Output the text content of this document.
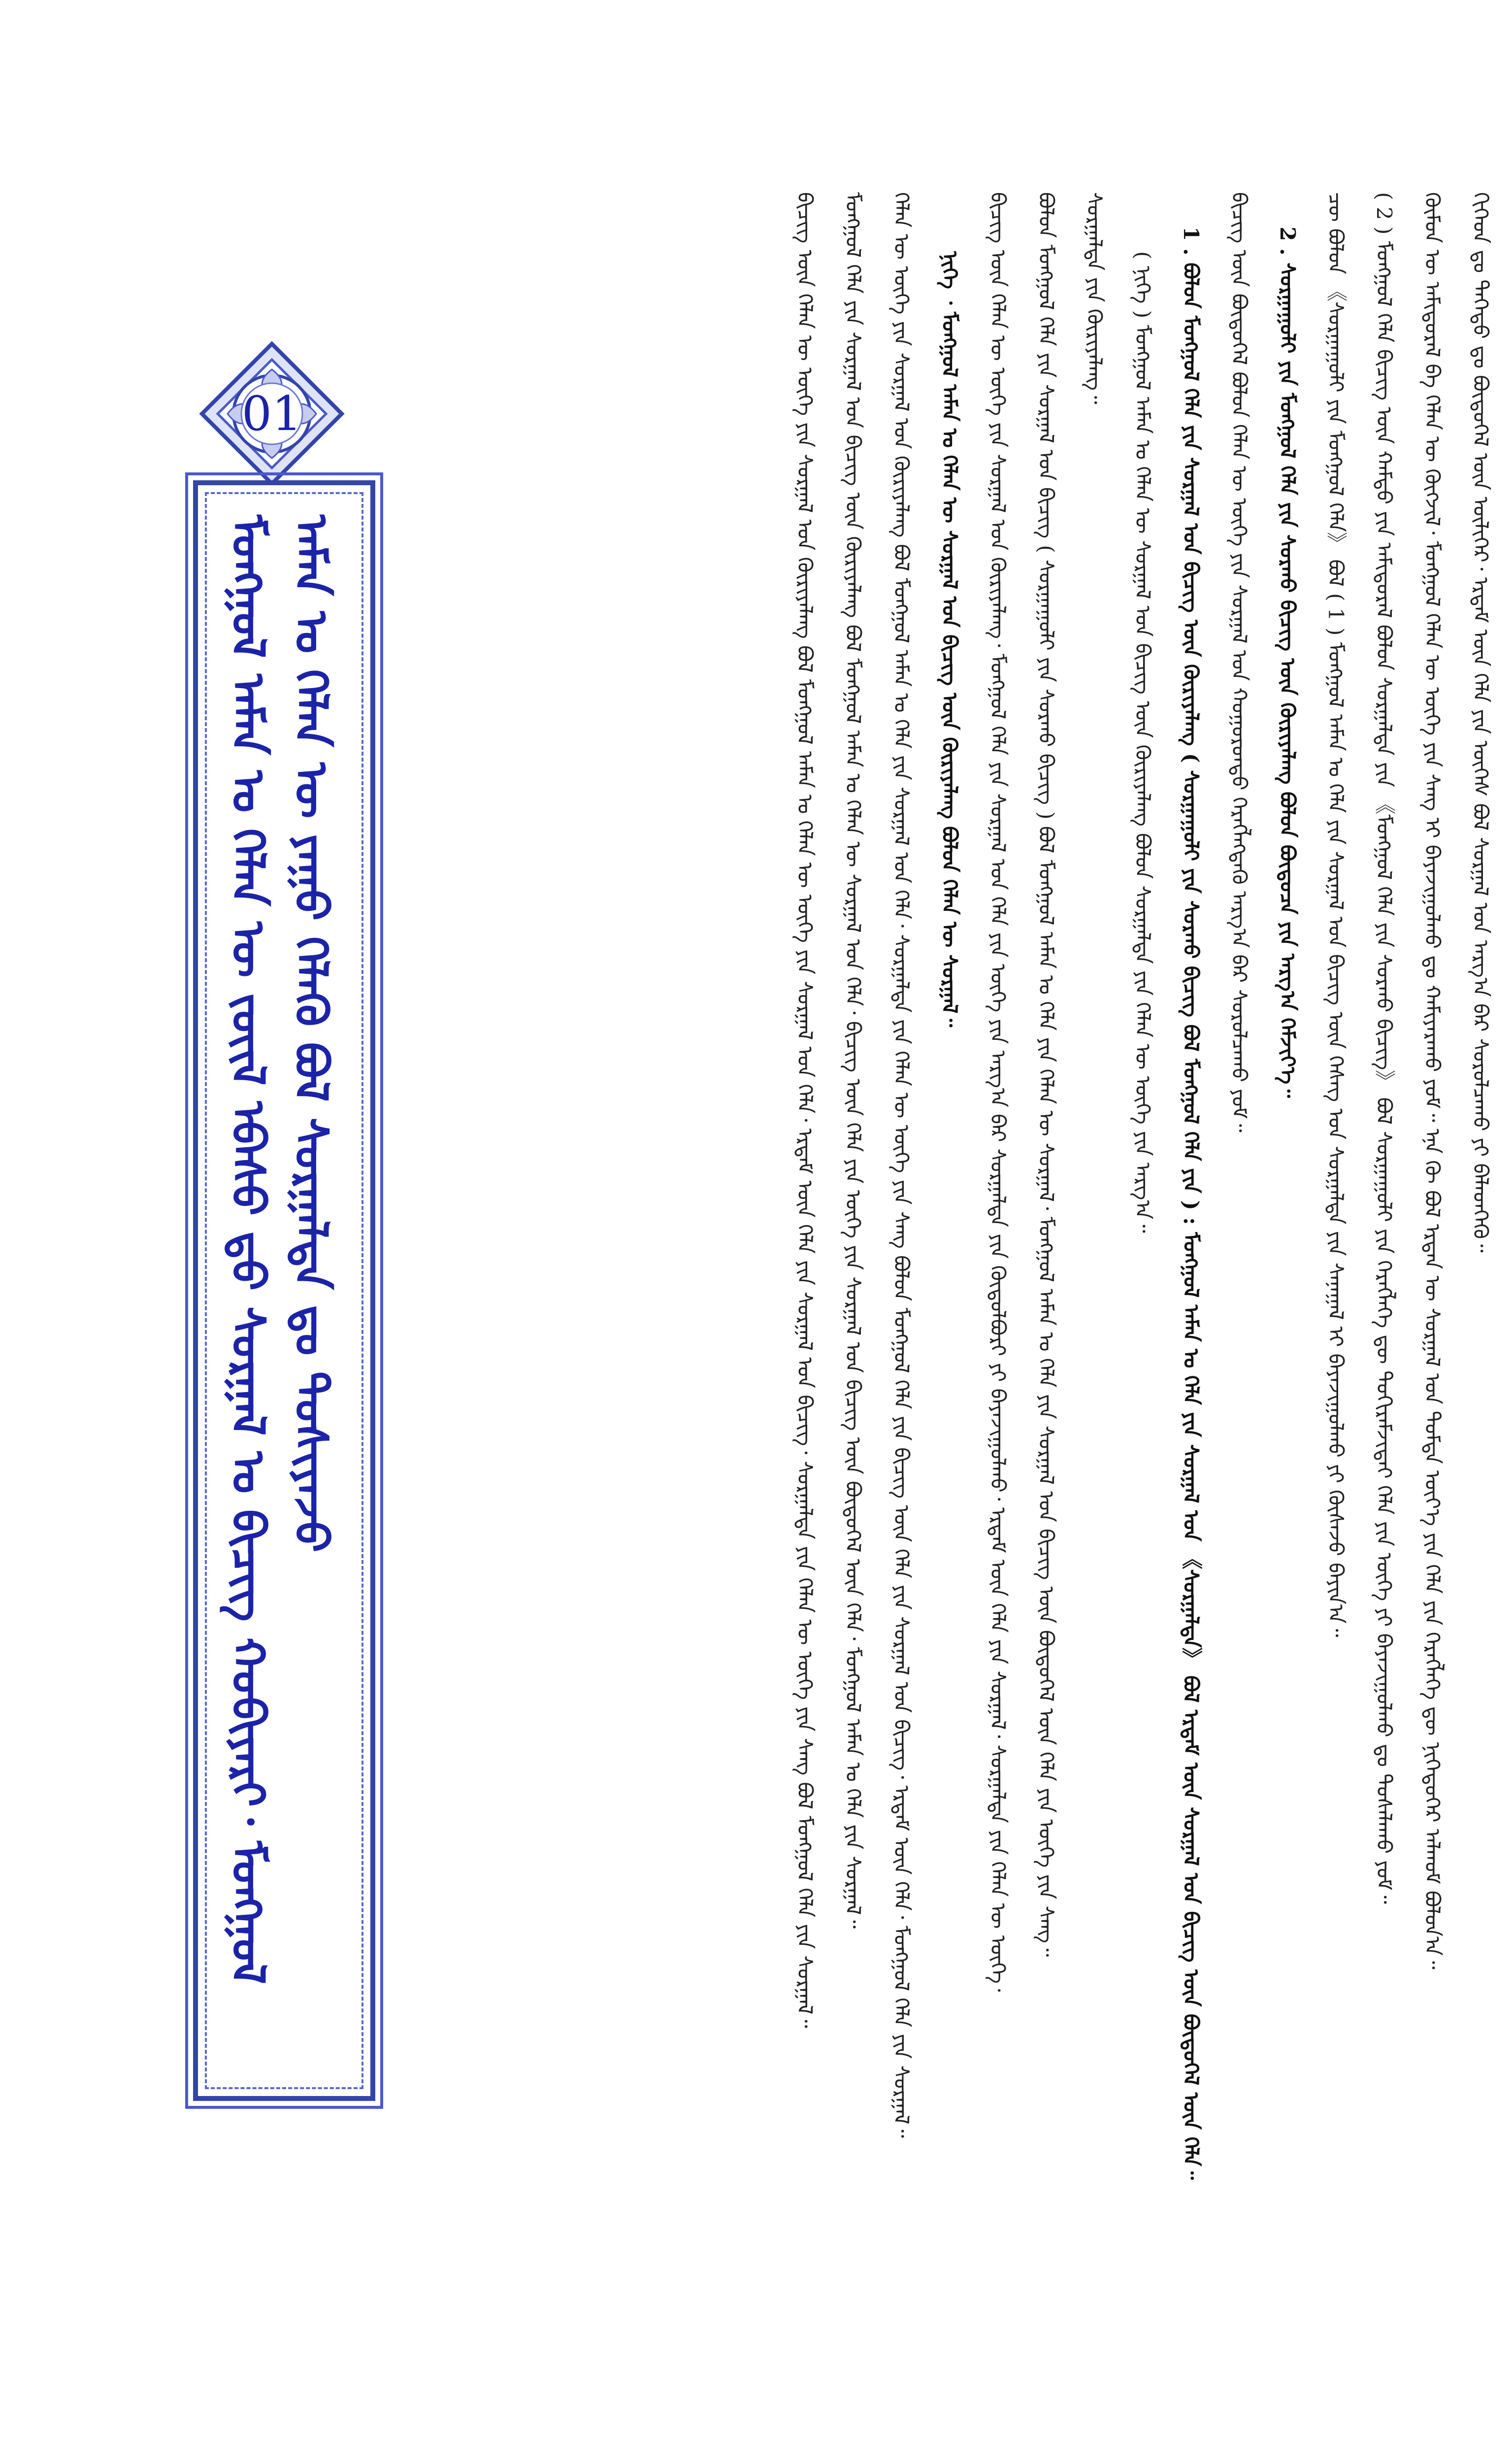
ᠬᠢᠭᠡᠳ ᠳᠤ ᠳᠡᠭᠡᠳᠦ ᠳᠤ ᠪᠦᠲᠦᠭᠡᠯ ᠦᠨ ᠦᠯᠢᠭᠡᠷ᠂ ᠡᠷᠳᠡᠮ ᠦᠨ ᠬᠡᠯᠡ ᠶᠢᠨ ᠦᠭᠡᠰ ᠪᠣᠯ ᠰᠤᠷᠭᠠᠯ ᠤᠨ ᠠᠷᠭ᠎ᠠ ᠪᠠᠷ ᠰᠤᠷᠤᠯᠴᠠᠬᠤ ᠶᠢ ᠪᠡᠯᠡᠳᠬᠡᠬᠦ᠃
ᠬᠦᠮᠦᠨ ᠦ ᠠᠮᠢᠳᠤᠷᠠᠯ ᠪᠠ ᠬᠡᠯᠡᠨ ᠦ ᠬᠥᠭᠵᠢᠯ᠂ ᠮᠣᠩᠭᠣᠯ ᠬᠡᠯᠡᠨ ᠦ ᠦᠭᠡ ᠶᠢᠨ ᠰᠠᠩ ᠢ ᠪᠠᠶᠠᠵᠢᠭᠤᠯᠬᠤ ᠳᠤ ᠬᠠᠮᠢᠶᠠᠷᠠᠬᠤ ᠶᠤᠮ᠃ ᠡᠨᠡ ᠬᠦ ᠪᠣᠯ ᠡᠷᠲᠡᠨ ᠦ ᠰᠤᠷᠭᠠᠯ ᠤᠨ ᠳᠤᠮᠳᠠ ᠦᠶ᠎ᠡ ᠶᠢᠨ ᠬᠡᠯᠡ ᠶᠢᠨ ᠬᠡᠷᠡᠭᠯᠡᠭᠡ ᠳᠦ ᠨᠢᠭᠡᠳᠦᠭᠡᠷ ᠠᠯᠬᠤᠮ ᠪᠣᠯᠤᠨ᠎ᠠ᠃
( 2 ) ᠮᠣᠩᠭᠣᠯ ᠬᠡᠯᠡ ᠪᠢᠴᠢᠭ ᠦᠨ ᠬᠠᠮᠲᠤ ᠶᠢᠨ ᠠᠮᠢᠳᠤᠷᠠᠯ ᠪᠣᠯᠤᠨ ᠰᠤᠷᠭᠠᠯᠲᠠ ᠶᠢᠨ 《ᠮᠣᠩᠭᠣᠯ ᠬᠡᠯᠡ ᠶᠢᠨ ᠰᠤᠷᠬᠤ ᠪᠢᠴᠢᠭ》 ᠪᠣᠯ ᠰᠤᠷᠭᠠᠭᠤᠯᠢ ᠶᠢᠨ ᠬᠡᠷᠡᠭᠯᠡᠭᠡ ᠳᠦ ᠳᠤᠬᠢᠷᠠᠮᠵᠢᠲᠠᠢ ᠬᠡᠯᠡ ᠶᠢᠨ ᠦᠭᠡ ᠶᠢ ᠪᠠᠶᠠᠵᠢᠭᠤᠯᠬᠤ ᠳᠤ ᠳᠤᠰᠠᠯᠠᠬᠤ ᠶᠤᠮ᠃
ᠴᠦ ᠪᠣᠯᠤᠨ 《ᠰᠤᠷᠭᠠᠭᠤᠯᠢ ᠶᠢᠨ ᠮᠣᠩᠭᠣᠯ ᠬᠡᠯᠡ》 ᠪᠣᠯ ( 1 ) ᠮᠣᠩᠭᠣᠯ ᠠᠮᠠᠨ ᠤ ᠬᠡᠯᠡ ᠶᠢᠨ ᠰᠤᠷᠭᠠᠯ ᠤᠨ ᠪᠢᠴᠢᠭ ᠦᠨ ᠬᠡᠰᠡᠭ ᠤᠨ ᠰᠤᠷᠭᠠᠯᠲᠠ ᠶᠢᠨ ᠰᠠᠨᠠᠭᠠᠯ ᠢ ᠪᠠᠶᠠᠵᠢᠭᠤᠯᠬᠤ ᠶᠢ ᠬᠦᠰᠡᠵᠦ ᠪᠠᠶᠢᠨ᠎ᠠ᠃
2 . ᠰᠤᠷᠭᠠᠭᠤᠯᠢ ᠶᠢᠨ ᠮᠣᠩᠭᠣᠯ ᠬᠡᠯᠡ ᠶᠢᠨ ᠰᠤᠷᠬᠤ ᠪᠢᠴᠢᠭ ᠦᠨ ᠬᠦᠷᠢᠶᠡᠯᠡᠩ ᠪᠣᠯᠤᠨ ᠪᠦᠲᠦᠴᠡ ᠶᠢᠨ ᠠᠷᠭ᠎ᠠ ᠬᠡᠮᠵᠢᠶ᠎ᠡ᠃
ᠪᠢᠴᠢᠭ ᠦᠨ ᠪᠦᠲᠦᠭᠡᠯ ᠪᠣᠯᠤᠨ ᠬᠡᠯᠡᠨ ᠦ ᠦᠭᠡ ᠶᠢᠨ ᠰᠤᠷᠭᠠᠯ ᠤᠨ ᠬᠣᠭᠣᠷᠣᠨᠳᠤ ᠬᠡᠷᠡᠭᠯᠡᠭᠳᠡᠬᠦ ᠠᠷᠭ᠎ᠠ ᠪᠠᠷ ᠰᠤᠷᠤᠯᠴᠠᠬᠤ ᠶᠤᠮ᠃
1 . ᠪᠣᠯᠤᠨ ᠮᠣᠩᠭᠣᠯ ᠬᠡᠯᠡ ᠶᠢᠨ ᠰᠤᠷᠭᠠᠯ ᠤᠨ ᠪᠢᠴᠢᠭ ᠦᠨ ᠬᠦᠷᠢᠶᠡᠯᠡᠩ ( ᠰᠤᠷᠭᠠᠭᠤᠯᠢ ᠶᠢᠨ ᠰᠤᠷᠬᠤ ᠪᠢᠴᠢᠭ ᠪᠣᠯ ᠮᠣᠩᠭᠣᠯ ᠬᠡᠯᠡ ᠶᠢᠨ ) : ᠮᠣᠩᠭᠣᠯ ᠠᠮᠠᠨ ᠤ ᠬᠡᠯᠡ ᠶᠢᠨ ᠰᠤᠷᠭᠠᠯ ᠤᠨ 《ᠰᠤᠷᠭᠠᠯᠲᠠ》 ᠪᠣᠯ ᠡᠷᠳᠡᠮ ᠦᠨ ᠰᠤᠷᠭᠠᠯ ᠤᠨ ᠪᠢᠴᠢᠭ ᠦᠨ ᠪᠦᠲᠦᠭᠡᠯ ᠦᠨ ᠬᠡᠯᠡ᠃
( ᠨᠢᠭᠡ ) ᠮᠣᠩᠭᠣᠯ ᠠᠮᠠᠨ ᠤ ᠬᠡᠯᠡᠨ ᠦ ᠰᠤᠷᠭᠠᠯ ᠤᠨ ᠪᠢᠴᠢᠭ ᠦᠨ ᠬᠦᠷᠢᠶᠡᠯᠡᠩ ᠪᠣᠯᠤᠨ ᠰᠤᠷᠭᠠᠯᠲᠠ ᠶᠢᠨ ᠬᠡᠯᠡᠨ ᠦ ᠦᠭᠡ ᠶᠢᠨ ᠠᠷᠭ᠎ᠠ᠃
ᠰᠤᠷᠭᠠᠯᠲᠠ ᠶᠢᠨ ᠬᠦᠷᠢᠶᠡᠯᠡᠩ᠃
ᠪᠣᠯᠤᠨ ᠮᠣᠩᠭᠣᠯ ᠬᠡᠯᠡ ᠶᠢᠨ ᠰᠤᠷᠭᠠᠯ ᠤᠨ ᠪᠢᠴᠢᠭ ( ᠰᠤᠷᠭᠠᠭᠤᠯᠢ ᠶᠢᠨ ᠰᠤᠷᠬᠤ ᠪᠢᠴᠢᠭ ) ᠪᠣᠯ ᠮᠣᠩᠭᠣᠯ ᠠᠮᠠᠨ ᠤ ᠬᠡᠯᠡ ᠶᠢᠨ ᠬᠡᠯᠡᠨ ᠦ ᠰᠤᠷᠭᠠᠯ᠂ ᠮᠣᠩᠭᠣᠯ ᠠᠮᠠᠨ ᠤ ᠬᠡᠯᠡ ᠶᠢᠨ ᠰᠤᠷᠭᠠᠯ ᠤᠨ ᠪᠢᠴᠢᠭ ᠦᠨ ᠪᠦᠲᠦᠭᠡᠯ ᠦᠨ ᠬᠡᠯᠡ ᠶᠢᠨ ᠦᠭᠡ ᠶᠢᠨ ᠰᠠᠩ᠃
ᠪᠢᠴᠢᠭ ᠦᠨ ᠬᠡᠯᠡᠨ ᠦ ᠦᠭᠡ ᠶᠢᠨ ᠰᠤᠷᠭᠠᠯ ᠤᠨ ᠬᠦᠷᠢᠶᠡᠯᠡᠩ᠂ ᠮᠣᠩᠭᠣᠯ ᠬᠡᠯᠡ ᠶᠢᠨ ᠰᠤᠷᠭᠠᠯ ᠤᠨ ᠬᠡᠯᠡ ᠶᠢᠨ ᠦᠭᠡ ᠶᠢᠨ ᠠᠷᠭ᠎ᠠ ᠪᠠᠷ ᠰᠤᠷᠭᠠᠯᠲᠠ ᠶᠢᠨ ᠬᠥᠲᠦᠯᠪᠦᠷᠢ ᠶᠢ ᠪᠠᠶᠠᠵᠢᠭᠤᠯᠬᠤ᠂ ᠡᠷᠳᠡᠮ ᠦᠨ ᠬᠡᠯᠡ ᠶᠢᠨ ᠰᠤᠷᠭᠠᠯ᠂ ᠰᠤᠷᠭᠠᠯᠲᠠ ᠶᠢᠨ ᠬᠡᠯᠡᠨ ᠦ ᠦᠭᠡ᠂
ᠨᠢᠭᠡ ᠂ ᠮᠣᠩᠭᠣᠯ ᠠᠮᠠᠨ ᠤ ᠬᠡᠯᠡᠨ ᠦ ᠰᠤᠷᠭᠠᠯ ᠤᠨ ᠪᠢᠴᠢᠭ ᠦᠨ ᠬᠦᠷᠢᠶᠡᠯᠡᠩ ᠪᠣᠯᠤᠨ ᠬᠡᠯᠡᠨ ᠦ ᠰᠤᠷᠭᠠᠯ᠃
ᠬᠡᠯᠡᠨ ᠦ ᠦᠭᠡ ᠶᠢᠨ ᠰᠤᠷᠭᠠᠯ ᠤᠨ ᠬᠦᠷᠢᠶᠡᠯᠡᠩ ᠪᠣᠯ ᠮᠣᠩᠭᠣᠯ ᠠᠮᠠᠨ ᠤ ᠬᠡᠯᠡ ᠶᠢᠨ ᠰᠤᠷᠭᠠᠯ ᠤᠨ ᠬᠡᠯᠡ᠂ ᠰᠤᠷᠭᠠᠯᠲᠠ ᠶᠢᠨ ᠬᠡᠯᠡᠨ ᠦ ᠦᠭᠡ ᠶᠢᠨ ᠰᠠᠩ ᠪᠣᠯᠤᠨ ᠮᠣᠩᠭᠣᠯ ᠬᠡᠯᠡ ᠶᠢᠨ ᠪᠢᠴᠢᠭ ᠦᠨ ᠬᠡᠯᠡ ᠶᠢᠨ ᠰᠤᠷᠭᠠᠯ ᠤᠨ ᠪᠢᠴᠢᠭ᠂ ᠡᠷᠳᠡᠮ ᠦᠨ ᠬᠡᠯᠡ᠂ ᠮᠣᠩᠭᠣᠯ ᠬᠡᠯᠡ ᠶᠢᠨ ᠰᠤᠷᠭᠠᠯ᠃
ᠮᠣᠩᠭᠣᠯ ᠬᠡᠯᠡ ᠶᠢᠨ ᠰᠤᠷᠭᠠᠯ ᠤᠨ ᠪᠢᠴᠢᠭ ᠦᠨ ᠬᠦᠷᠢᠶᠡᠯᠡᠩ ᠪᠣᠯ ᠮᠣᠩᠭᠣᠯ ᠠᠮᠠᠨ ᠤ ᠬᠡᠯᠡᠨ ᠦ ᠰᠤᠷᠭᠠᠯ ᠤᠨ ᠬᠡᠯᠡ᠂ ᠪᠢᠴᠢᠭ ᠦᠨ ᠬᠡᠯᠡ ᠶᠢᠨ ᠦᠭᠡ ᠶᠢᠨ ᠰᠤᠷᠭᠠᠯ ᠤᠨ ᠪᠢᠴᠢᠭ ᠦᠨ ᠪᠦᠲᠦᠭᠡᠯ ᠦᠨ ᠬᠡᠯᠡ᠂ ᠮᠣᠩᠭᠣᠯ ᠠᠮᠠᠨ ᠤ ᠬᠡᠯᠡ ᠶᠢᠨ ᠰᠤᠷᠭᠠᠯ᠃
ᠪᠢᠴᠢᠭ ᠦᠨ ᠬᠡᠯᠡᠨ ᠦ ᠦᠭᠡ ᠶᠢᠨ ᠰᠤᠷᠭᠠᠯ ᠤᠨ ᠬᠦᠷᠢᠶᠡᠯᠡᠩ ᠪᠣᠯ ᠮᠣᠩᠭᠣᠯ ᠠᠮᠠᠨ ᠤ ᠬᠡᠯᠡᠨ ᠦ ᠦᠭᠡ ᠶᠢᠨ ᠰᠤᠷᠭᠠᠯ ᠤᠨ ᠬᠡᠯᠡ᠂ ᠡᠷᠳᠡᠮ ᠦᠨ ᠬᠡᠯᠡ ᠶᠢᠨ ᠰᠤᠷᠭᠠᠯ ᠤᠨ ᠪᠢᠴᠢᠭ᠂ ᠰᠤᠷᠭᠠᠯᠲᠠ ᠶᠢᠨ ᠬᠡᠯᠡᠨ ᠦ ᠦᠭᠡ ᠶᠢᠨ ᠰᠠᠩ ᠪᠣᠯ ᠮᠣᠩᠭᠣᠯ ᠬᠡᠯᠡ ᠶᠢᠨ ᠰᠤᠷᠭᠠᠯ᠃
01
ᠮᠣᠩᠭᠣᠯ ᠠᠮᠠᠨ ᠤ ᠬᠡᠯᠡᠨ ᠦ ᠵᠦᠢᠯ ᠡᠪᠡᠰᠦ ᠳ᠋ᠤ ᠰᠤᠷᠭᠠᠯ ᠤ ᠪᠢᠴᠢᠭ ᠬᠤᠪᠢᠶᠠᠷᠢ᠂ ᠮᠣᠩᠭᠣᠯ ᠠᠮᠠᠨ ᠤ ᠬᠡᠯᠡᠨ ᠦ ᠶᠠᠭᠤ ᠬᠡᠯᠡᠬᠦ ᠪᠣᠯ ᠰᠤᠷᠭᠠᠯᠲᠠ ᠳᠤ ᠳᠤᠰᠢᠶᠠᠵᠤ
